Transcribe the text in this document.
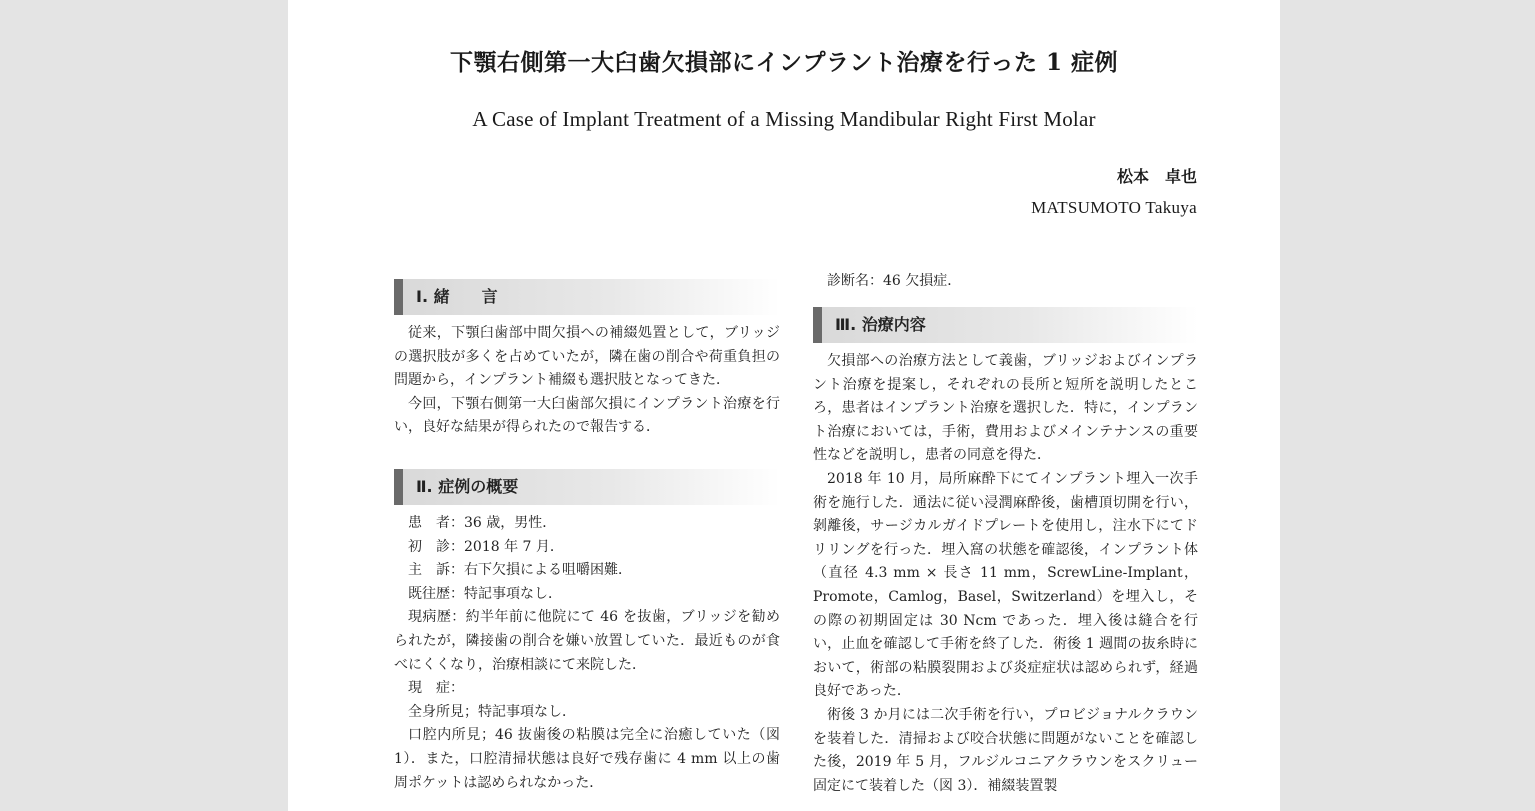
下顎右側第一大臼歯欠損部にインプラント治療を行った 1 症例
A Case of Implant Treatment of a Missing Mandibular Right First Molar
松本　卓也
MATSUMOTO Takuya
Ⅰ. 緒　　言

従来，下顎臼歯部中間欠損への補綴処置として，ブリッジの選択肢が多くを占めていたが，隣在歯の削合や荷重負担の問題から，インプラント補綴も選択肢となってきた．

今回，下顎右側第一大臼歯部欠損にインプラント治療を行い，良好な結果が得られたので報告する．

Ⅱ. 症例の概要

患　者：36 歳，男性．

初　診：2018 年 7 月．

主　訴：右下欠損による咀嚼困難．

既往歴：特記事項なし．

現病歴：約半年前に他院にて 46 を抜歯，ブリッジを勧められたが，隣接歯の削合を嫌い放置していた．最近ものが食べにくくなり，治療相談にて来院した．

現　症：

全身所見；特記事項なし．

口腔内所見；46 抜歯後の粘膜は完全に治癒していた（図 1）．また，口腔清掃状態は良好で残存歯に 4 mm 以上の歯周ポケットは認められなかった．

診断名：46 欠損症．

Ⅲ. 治療内容

欠損部への治療方法として義歯，ブリッジおよびインプラント治療を提案し，それぞれの長所と短所を説明したところ，患者はインプラント治療を選択した．特に，インプラント治療においては，手術，費用およびメインテナンスの重要性などを説明し，患者の同意を得た．

2018 年 10 月，局所麻酔下にてインプラント埋入一次手術を施行した．通法に従い浸潤麻酔後，歯槽頂切開を行い，剝離後，サージカルガイドプレートを使用し，注水下にてドリリングを行った．埋入窩の状態を確認後，インプラント体（直径 4.3 mm × 長さ 11 mm，ScrewLine-Implant，Promote，Camlog，Basel，Switzerland）を埋入し，その際の初期固定は 30 Ncm であった．埋入後は縫合を行い，止血を確認して手術を終了した．術後 1 週間の抜糸時において，術部の粘膜裂開および炎症症状は認められず，経過良好であった．

術後 3 か月には二次手術を行い，プロビジョナルクラウンを装着した．清掃および咬合状態に問題がないことを確認した後，2019 年 5 月，フルジルコニアクラウンをスクリュー固定にて装着した（図 3）．補綴装置製
